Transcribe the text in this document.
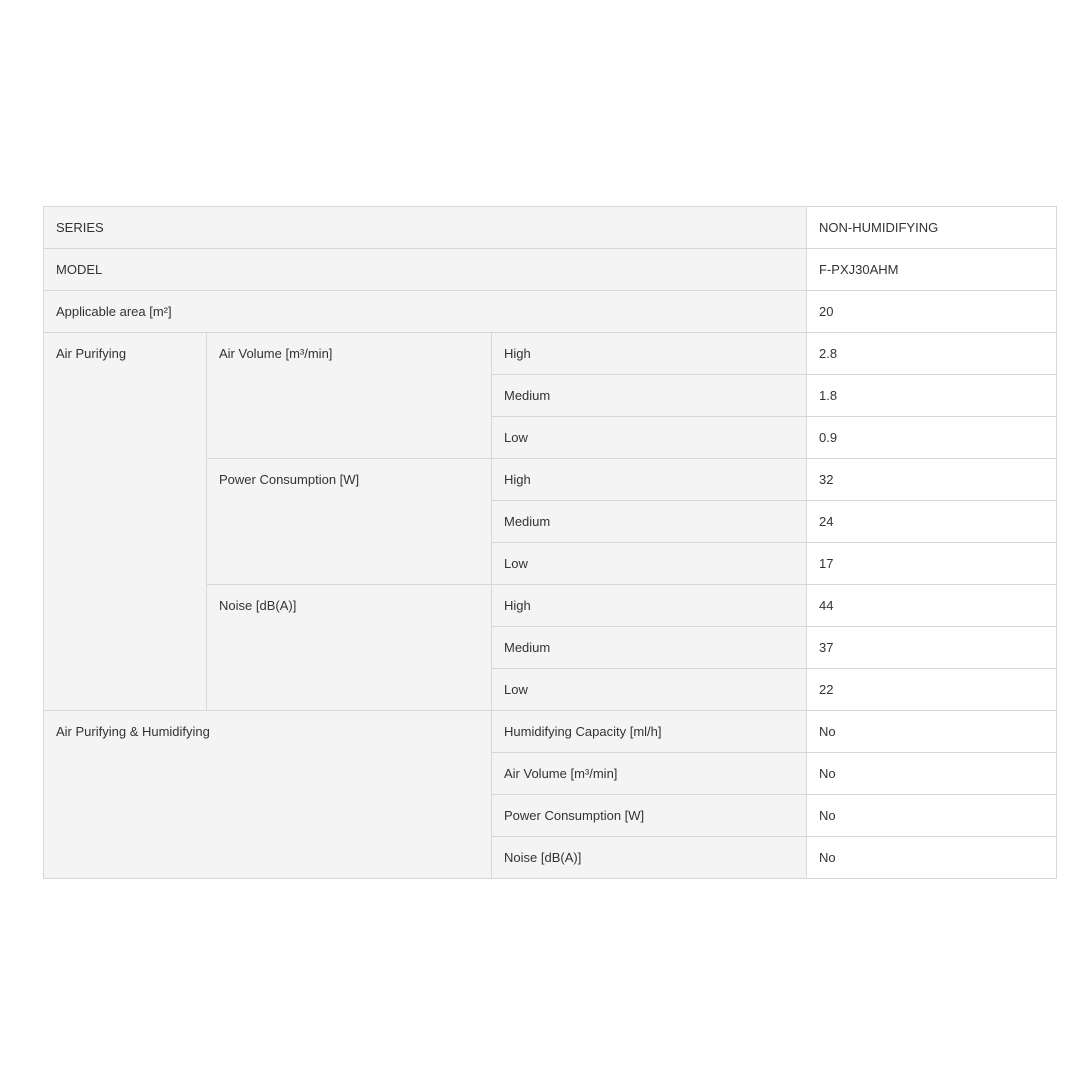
SERIES			NON-HUMIDIFYING
MODEL			F-PXJ30AHM
Applicable area [m²]			20
Air Purifying	Air Volume [m³/min]	High	2.8
		Medium	1.8
		Low	0.9
	Power Consumption [W]	High	32
		Medium	24
		Low	17
	Noise [dB(A)]	High	44
		Medium	37
		Low	22
Air Purifying & Humidifying		Humidifying Capacity [ml/h]	No
		Air Volume [m³/min]	No
		Power Consumption [W]	No
		Noise [dB(A)]	No
